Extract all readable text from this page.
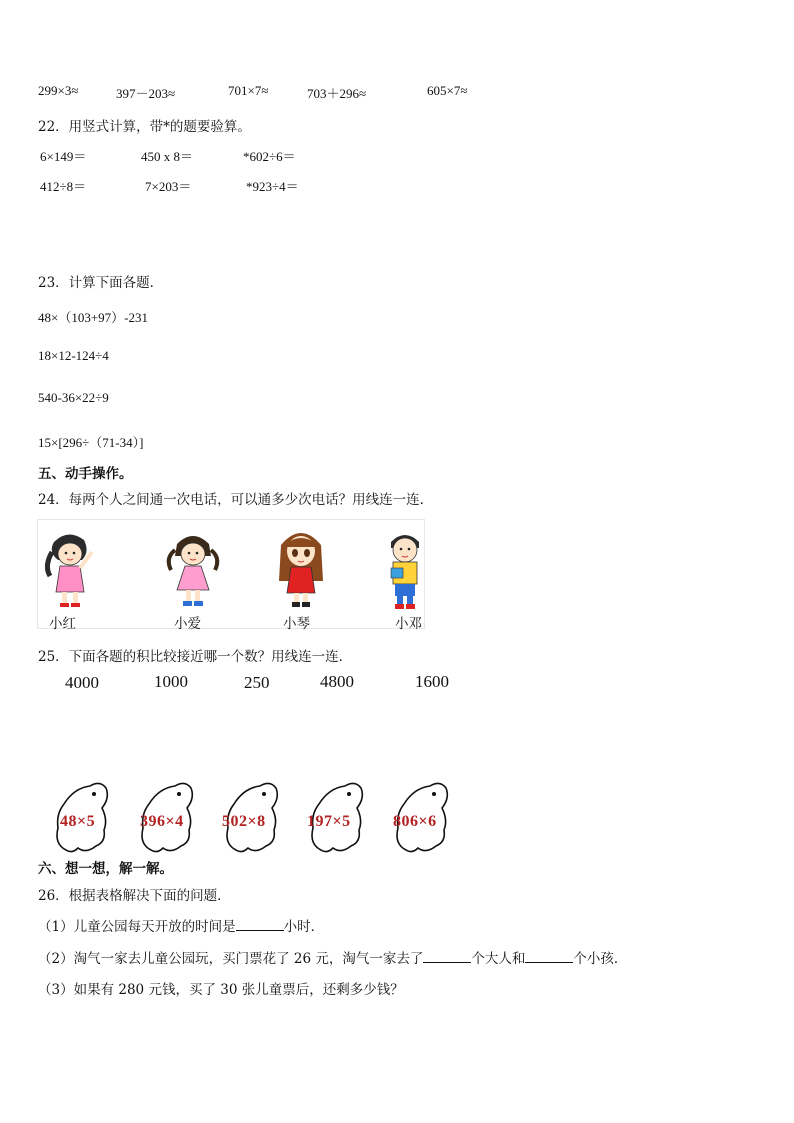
299×3≈	397－203≈	701×7≈	703＋296≈	605×7≈
22．用竖式计算，带*的题要验算。
6×149＝	450 x 8＝	*602÷6＝
412÷8＝	7×203＝	*923÷4＝
23．计算下面各题．
48×（103+97）-231
18×12-124÷4
540-36×22÷9
15×[296÷（71-34）]
五、动手操作。
24．每两个人之间通一次电话，可以通多少次电话？用线连一连．
小红	小爱	小琴	小邓
25．下面各题的积比较接近哪一个数？用线连一连．
4000	1000	250	4800	1600
48×5	396×4 502×8	197×5	806×6
六、想一想，解一解。
26．根据表格解决下面的问题．
（1）儿童公园每天开放的时间是	小时．
（2）淘气一家去儿童公园玩，买门票花了 26 元，淘气一家去了	个大人和	个小孩．
（3）如果有 280 元钱，买了 30 张儿童票后，还剩多少钱？
